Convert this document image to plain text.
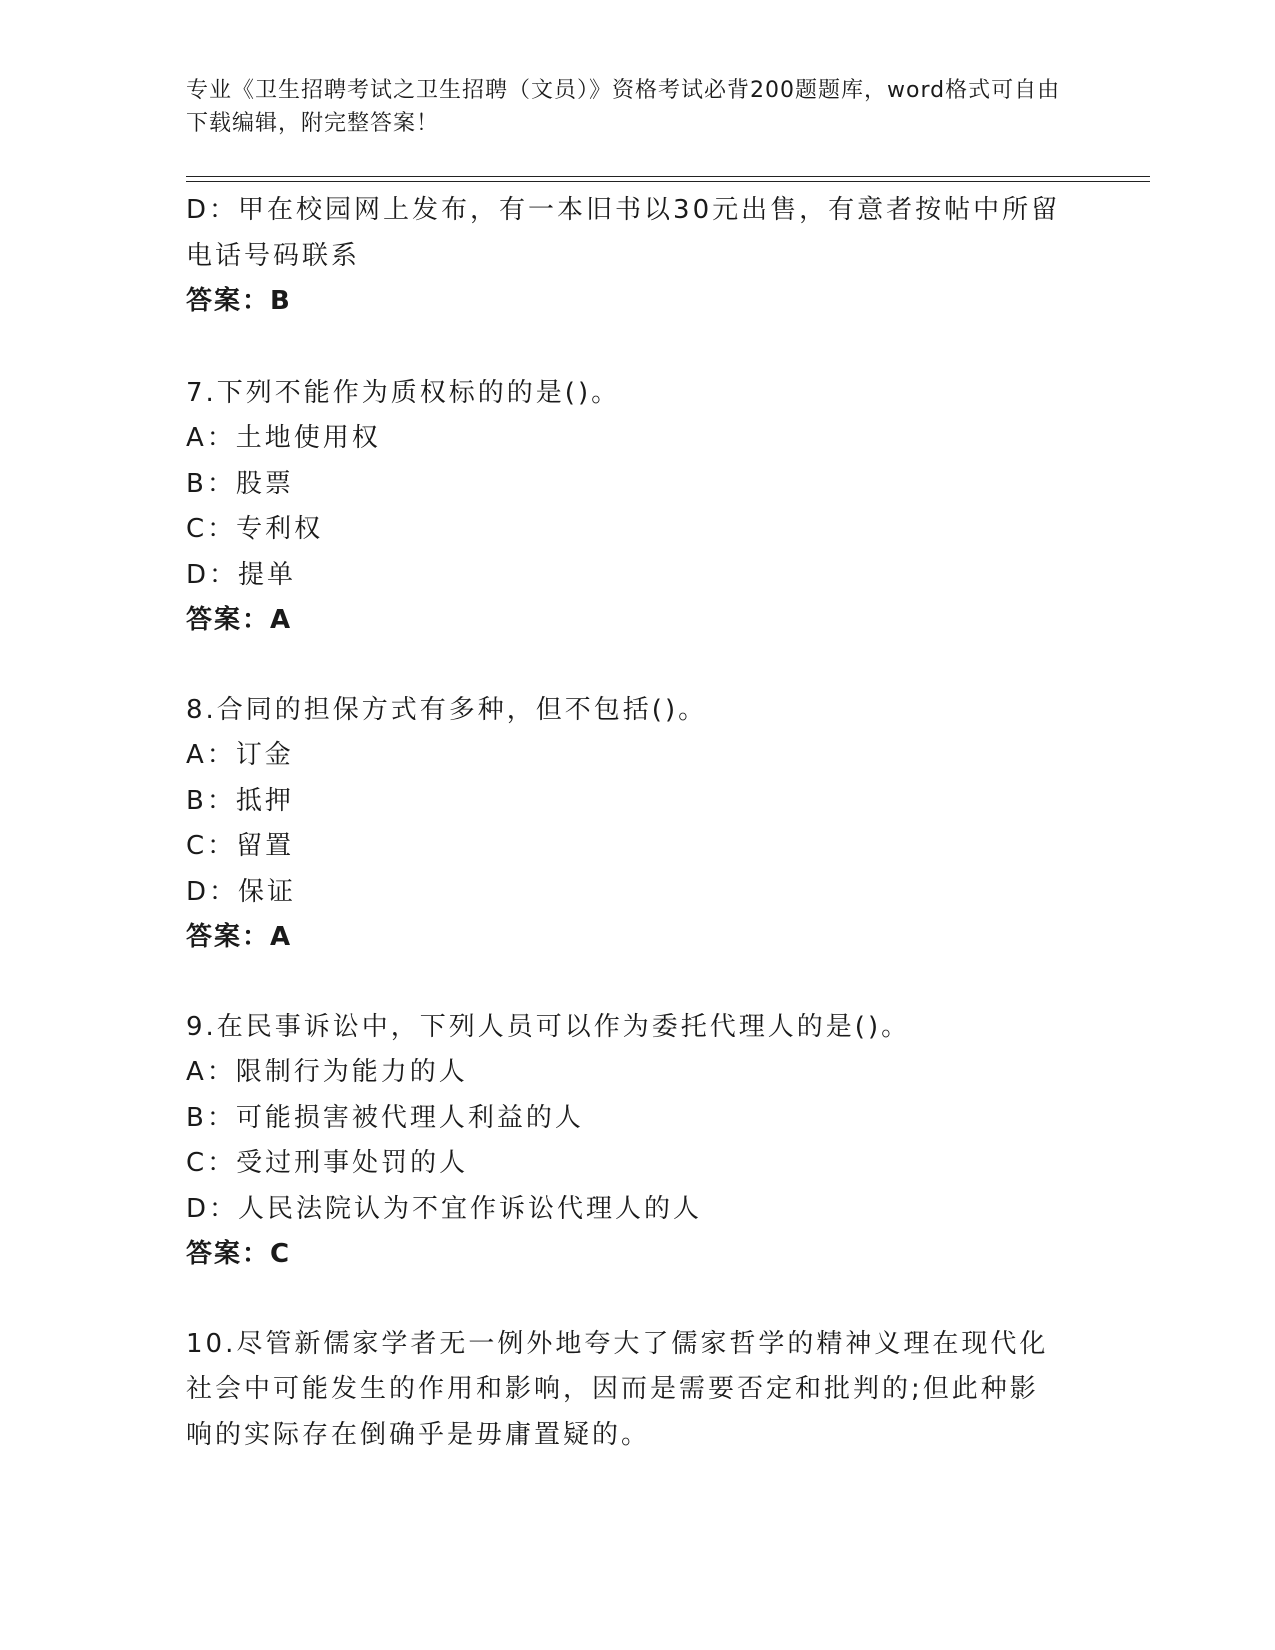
专业《卫生招聘考试之卫生招聘（文员）》资格考试必背200题题库，word格式可自由下载编辑，附完整答案！
D：甲在校园网上发布，有一本旧书以30元出售，有意者按帖中所留电话号码联系
答案：B
7.下列不能作为质权标的的是()。
A：土地使用权
B：股票
C：专利权
D：提单
答案：A
8.合同的担保方式有多种，但不包括()。
A：订金
B：抵押
C：留置
D：保证
答案：A
9.在民事诉讼中，下列人员可以作为委托代理人的是()。
A：限制行为能力的人
B：可能损害被代理人利益的人
C：受过刑事处罚的人
D：人民法院认为不宜作诉讼代理人的人
答案：C
10.尽管新儒家学者无一例外地夸大了儒家哲学的精神义理在现代化社会中可能发生的作用和影响，因而是需要否定和批判的;但此种影响的实际存在倒确乎是毋庸置疑的。
